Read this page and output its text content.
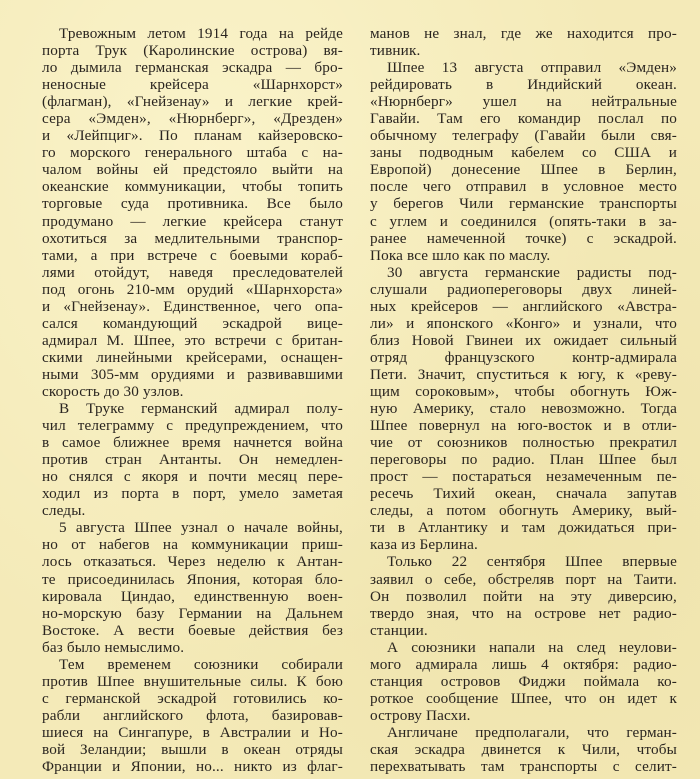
Тревожным летом 1914 года на рейде
порта Трук (Каролинские острова) вя-
ло дымила германская эскадра — бро-
неносные крейсера «Шарнхорст»
(флагман), «Гнейзенау» и легкие крей-
сера «Эмден», «Нюрнберг», «Дрезден»
и «Лейпциг». По планам кайзеровско-
го морского генерального штаба с на-
чалом войны ей предстояло выйти на
океанские коммуникации, чтобы топить
торговые суда противника. Все было
продумано — легкие крейсера станут
охотиться за медлительными транспор-
тами, а при встрече с боевыми кораб-
лями отойдут, наведя преследователей
под огонь 210-мм орудий «Шарнхорста»
и «Гнейзенау». Единственное, чего опа-
сался командующий эскадрой вице-
адмирал М. Шпее, это встречи с британ-
скими линейными крейсерами, оснащен-
ными 305-мм орудиями и развивавшими
скорость до 30 узлов.
В Труке германский адмирал полу-
чил телеграмму с предупреждением, что
в самое ближнее время начнется война
против стран Антанты. Он немедлен-
но снялся с якоря и почти месяц пере-
ходил из порта в порт, умело заметая
следы.
5 августа Шпее узнал о начале войны,
но от набегов на коммуникации приш-
лось отказаться. Через неделю к Антан-
те присоединилась Япония, которая бло-
кировала Циндао, единственную воен-
но-морскую базу Германии на Дальнем
Востоке. А вести боевые действия без
баз было немыслимо.
Тем временем союзники собирали
против Шпее внушительные силы. К бою
с германской эскадрой готовились ко-
рабли английского флота, базировав-
шиеся на Сингапуре, в Австралии и Но-
вой Зеландии; вышли в океан отряды
Франции и Японии, но... никто из флаг-
манов не знал, где же находится про-
тивник.
Шпее 13 августа отправил «Эмден»
рейдировать в Индийский океан.
«Нюрнберг» ушел на нейтральные
Гавайи. Там его командир послал по
обычному телеграфу (Гавайи были свя-
заны подводным кабелем со США и
Европой) донесение Шпее в Берлин,
после чего отправил в условное место
у берегов Чили германские транспорты
с углем и соединился (опять-таки в за-
ранее намеченной точке) с эскадрой.
Пока все шло как по маслу.
30 августа германские радисты под-
слушали радиопереговоры двух линей-
ных крейсеров — английского «Австра-
ли» и японского «Конго» и узнали, что
близ Новой Гвинеи их ожидает сильный
отряд французского контр-адмирала
Пети. Значит, спуститься к югу, к «реву-
щим сороковым», чтобы обогнуть Юж-
ную Америку, стало невозможно. Тогда
Шпее повернул на юго-восток и в отли-
чие от союзников полностью прекратил
переговоры по радио. План Шпее был
прост — постараться незамеченным пе-
ресечь Тихий океан, сначала запутав
следы, а потом обогнуть Америку, вый-
ти в Атлантику и там дожидаться при-
каза из Берлина.
Только 22 сентября Шпее впервые
заявил о себе, обстреляв порт на Таити.
Он позволил пойти на эту диверсию,
твердо зная, что на острове нет радио-
станции.
А союзники напали на след неулови-
мого адмирала лишь 4 октября: радио-
станция островов Фиджи поймала ко-
роткое сообщение Шпее, что он идет к
острову Пасхи.
Англичане предполагали, что герман-
ская эскадра двинется к Чили, чтобы
перехватывать там транспорты с селит-
